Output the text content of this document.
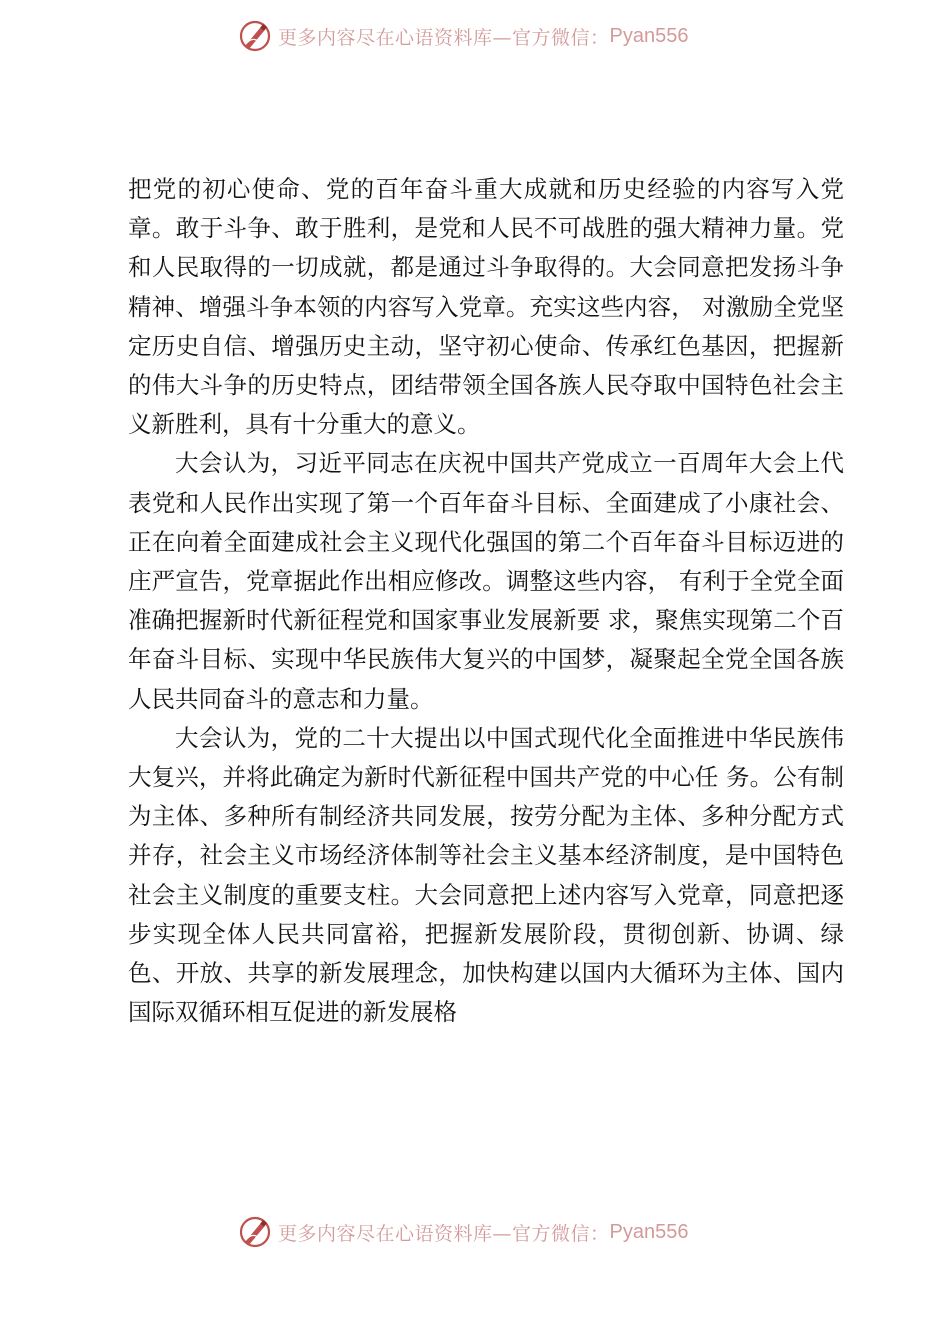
更多内容尽在心语资料库—官方微信： Pyan556

把党的初心使命、党的百年奋斗重大成就和历史经验的内容写入党章。敢于斗争、敢于胜利，是党和人民不可战胜的强大精神力量。党和人民取得的一切成就，都是通过斗争取得的。大会同意把发扬斗争精神、增强斗争本领的内容写入党章。充实这些内容， 对激励全党坚定历史自信、增强历史主动，坚守初心使命、传承红色基因，把握新的伟大斗争的历史特点，团结带领全国各族人民夺取中国特色社会主义新胜利，具有十分重大的意义。

大会认为，习近平同志在庆祝中国共产党成立一百周年大会上代表党和人民作出实现了第一个百年奋斗目标、全面建成了小康社会、正在向着全面建成社会主义现代化强国的第二个百年奋斗目标迈进的庄严宣告，党章据此作出相应修改。调整这些内容， 有利于全党全面准确把握新时代新征程党和国家事业发展新要 求，聚焦实现第二个百年奋斗目标、实现中华民族伟大复兴的中国梦，凝聚起全党全国各族人民共同奋斗的意志和力量。

大会认为，党的二十大提出以中国式现代化全面推进中华民族伟大复兴，并将此确定为新时代新征程中国共产党的中心任 务。公有制为主体、多种所有制经济共同发展，按劳分配为主体、多种分配方式并存，社会主义市场经济体制等社会主义基本经济制度，是中国特色社会主义制度的重要支柱。大会同意把上述内容写入党章，同意把逐步实现全体人民共同富裕，把握新发展阶段，贯彻创新、协调、绿色、开放、共享的新发展理念，加快构建以国内大循环为主体、国内国际双循环相互促进的新发展格

更多内容尽在心语资料库—官方微信： Pyan556
